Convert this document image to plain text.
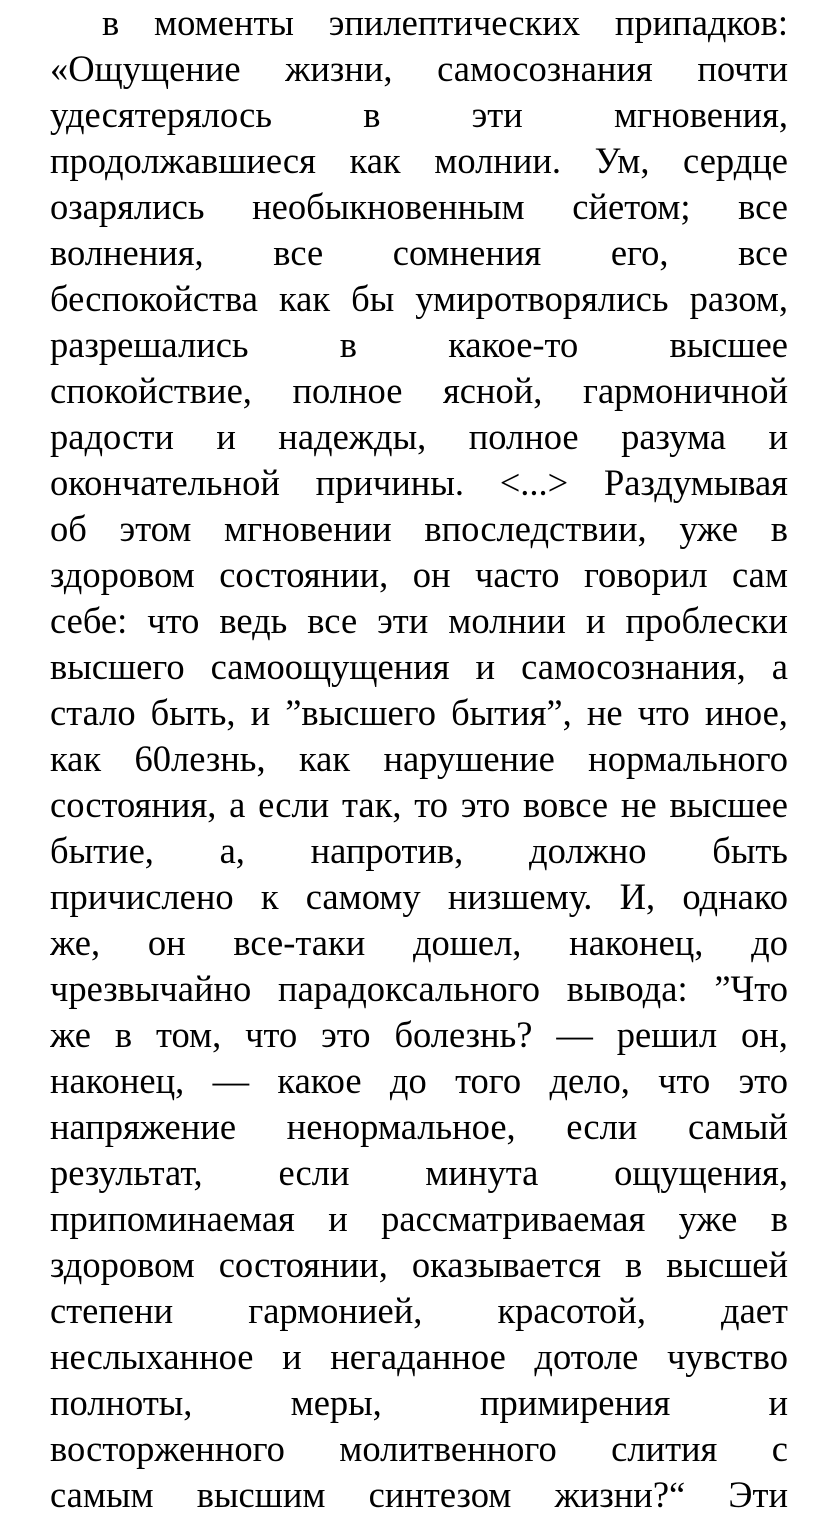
в моменты эпилептических припадков:
«Ощущение жизни, самосознания почти
удесятерялось в эти мгновения,
продолжавшиеся как молнии. Ум, сердце
озарялись необыкновенным сйетом; все
волнения, все сомнения его, все
беспокойства как бы умиротворялись разом,
разрешались в какое-то высшее
спокойствие, полное ясной, гармоничной
радости и надежды, полное разума и
окончательной причины. <...> Раздумывая
об этом мгновении впоследствии, уже в
здоровом состоянии, он часто говорил сам
себе: что ведь все эти молнии и проблески
высшего самоощущения и самосознания, а
стало быть, и ”высшего бытия”, не что иное,
как 60лезнь, как нарушение нормального
состояния, а если так, то это вовсе не высшее
бытие, а, напротив, должно быть
причислено к самому низшему. И, однако
же, он все-таки дошел, наконец, до
чрезвычайно парадоксального вывода: ”Что
же в том, что это болезнь? — решил он,
наконец, — какое до того дело, что это
напряжение ненормальное, если самый
результат, если минута ощущения,
припоминаемая и рассматриваемая уже в
здоровом состоянии, оказывается в высшей
степени гармонией, красотой, дает
неслыханное и негаданное дотоле чувство
полноты,	меры,	примирения	и
восторженного молитвенного слития с
самым высшим синтезом жизни?“ Эти
